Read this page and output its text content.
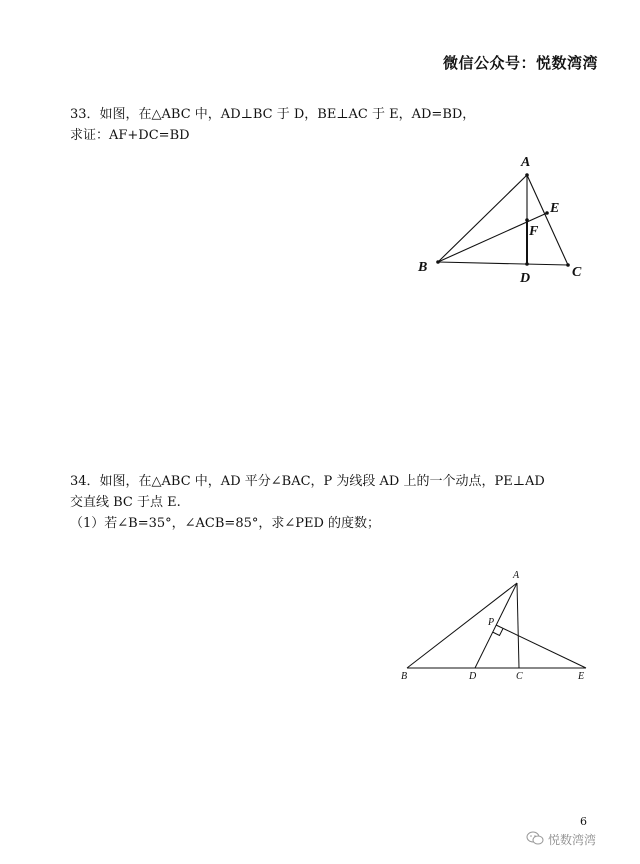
微信公众号：悦数湾湾

33．如图，在△ABC 中，AD⊥BC 于 D，BE⊥AC 于 E，AD=BD，

求证：AF+DC=BD

A
B	C
D
E
F

34．如图，在△ABC 中，AD 平分∠BAC，P 为线段 AD 上的一个动点，PE⊥AD

交直线 BC 于点 E.

（1）若∠B=35°，∠ACB=85°，求∠PED 的度数；

A
B	C
D	E
P
6
悦数湾湾
